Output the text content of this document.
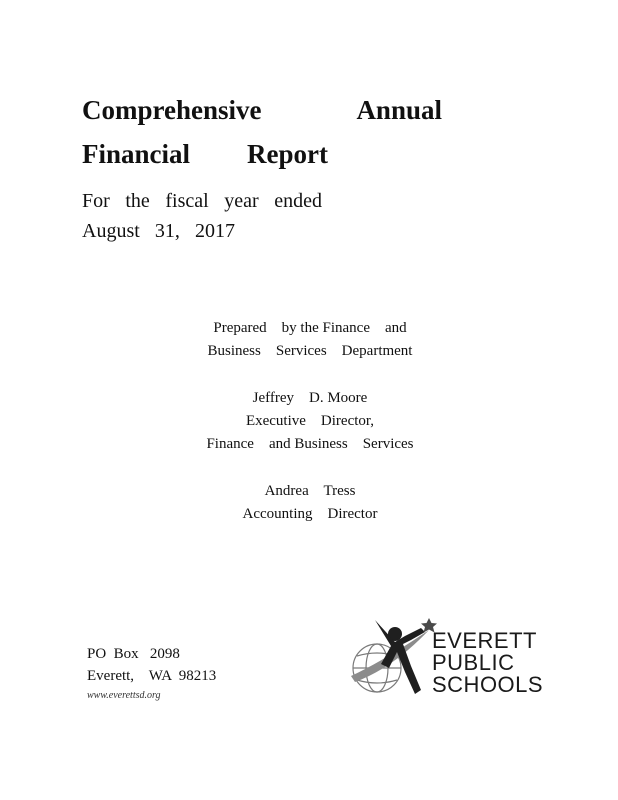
Comprehensive	Annual
Financial Report
For the fiscal year ended
August 31, 2017
Prepared    by the Finance    and
Business    Services    Department
Jeffrey    D. Moore
Executive    Director,
Finance    and Business    Services
Andrea    Tress
Accounting    Director
PO  Box   2098
Everett,    WA  98213
www.everettsd.org
EVERETT
PUBLIC
SCHOOLS
